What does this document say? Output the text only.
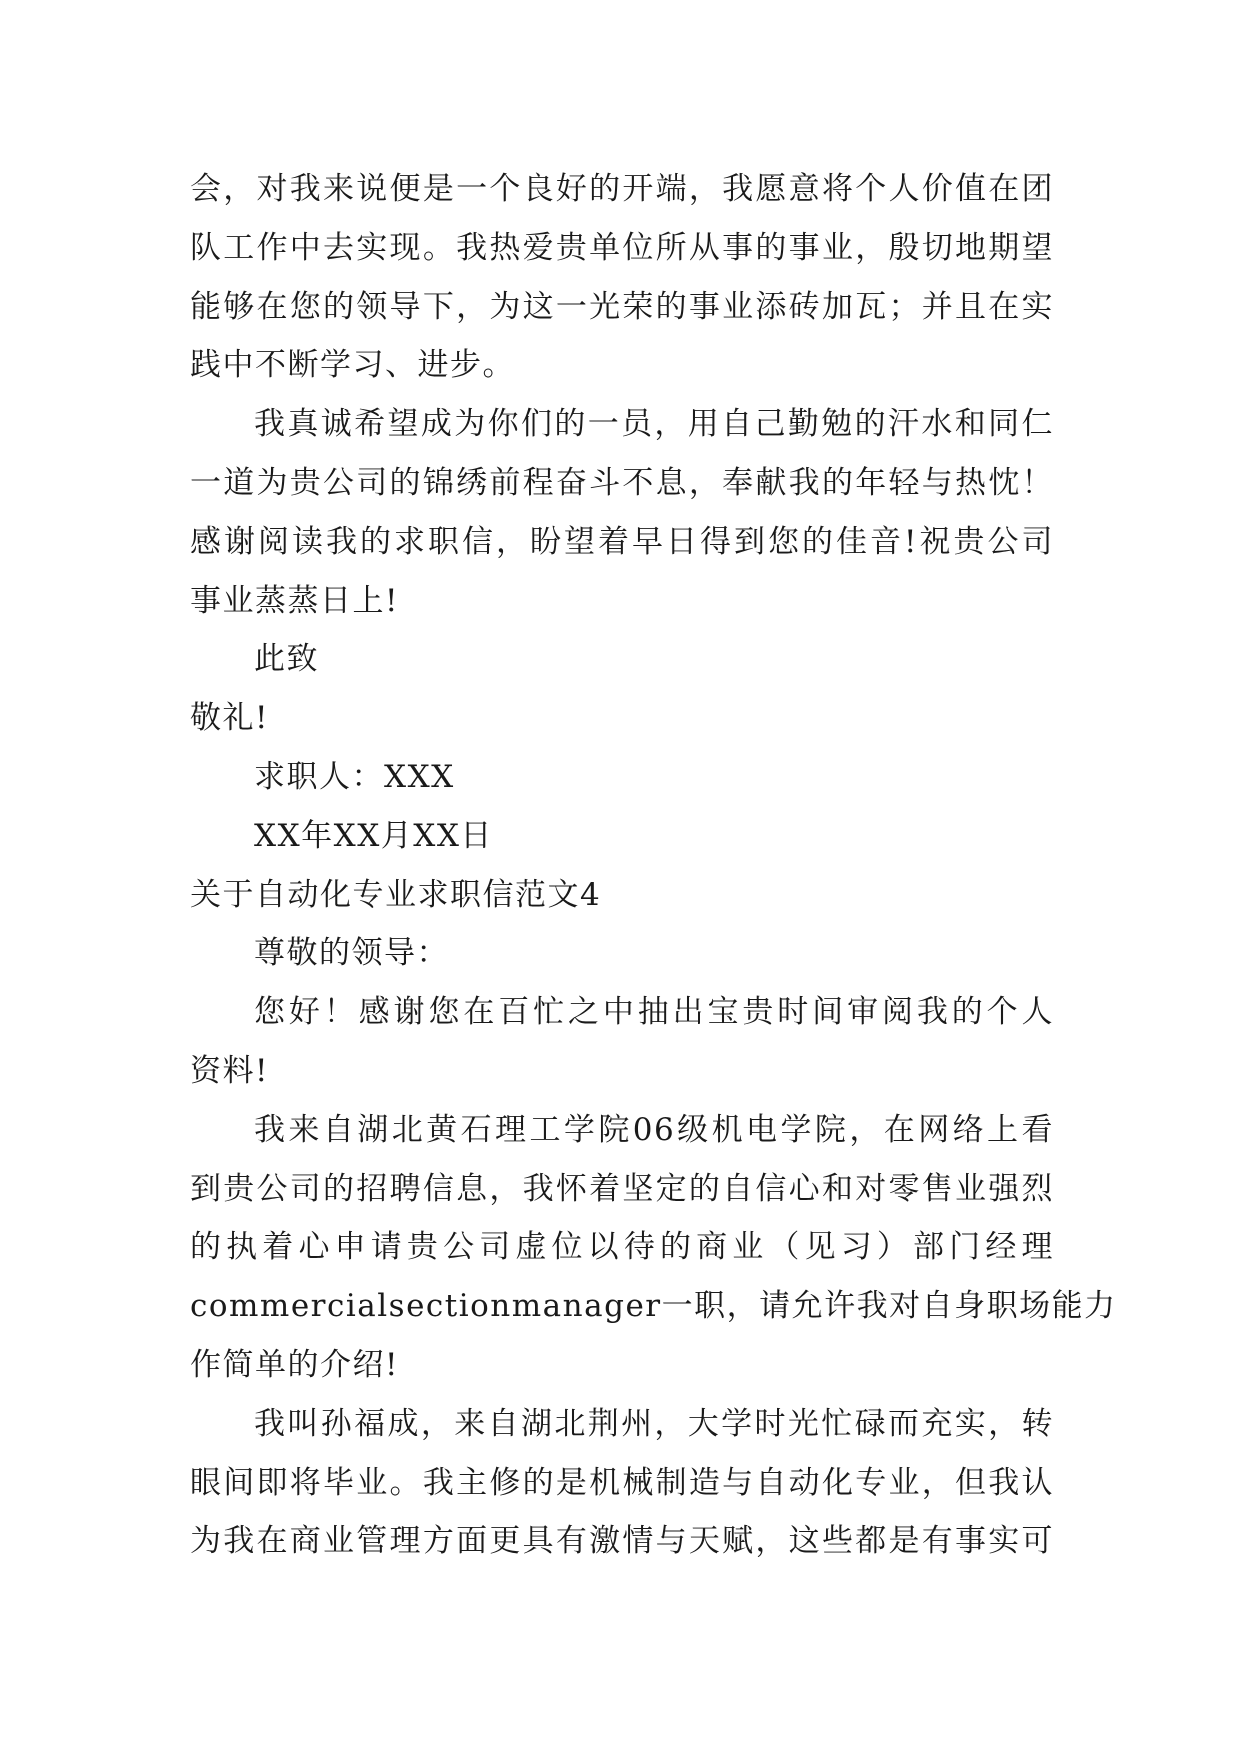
会，对我来说便是一个良好的开端，我愿意将个人价值在团
队工作中去实现。我热爱贵单位所从事的事业，殷切地期望
能够在您的领导下，为这一光荣的事业添砖加瓦；并且在实
践中不断学习、进步。
我真诚希望成为你们的一员，用自己勤勉的汗水和同仁
一道为贵公司的锦绣前程奋斗不息，奉献我的年轻与热忱！
感谢阅读我的求职信，盼望着早日得到您的佳音!祝贵公司
事业蒸蒸日上!
此致
敬礼!
求职人：XXX
XX年XX月XX日
关于自动化专业求职信范文4
尊敬的领导：
您好！感谢您在百忙之中抽出宝贵时间审阅我的个人
资料!
我来自湖北黄石理工学院06级机电学院，在网络上看
到贵公司的招聘信息，我怀着坚定的自信心和对零售业强烈
的执着心申请贵公司虚位以待的商业（见习）部门经理
commercialsectionmanager一职，请允许我对自身职场能力
作简单的介绍!
我叫孙福成，来自湖北荆州，大学时光忙碌而充实，转
眼间即将毕业。我主修的是机械制造与自动化专业，但我认
为我在商业管理方面更具有激情与天赋，这些都是有事实可
